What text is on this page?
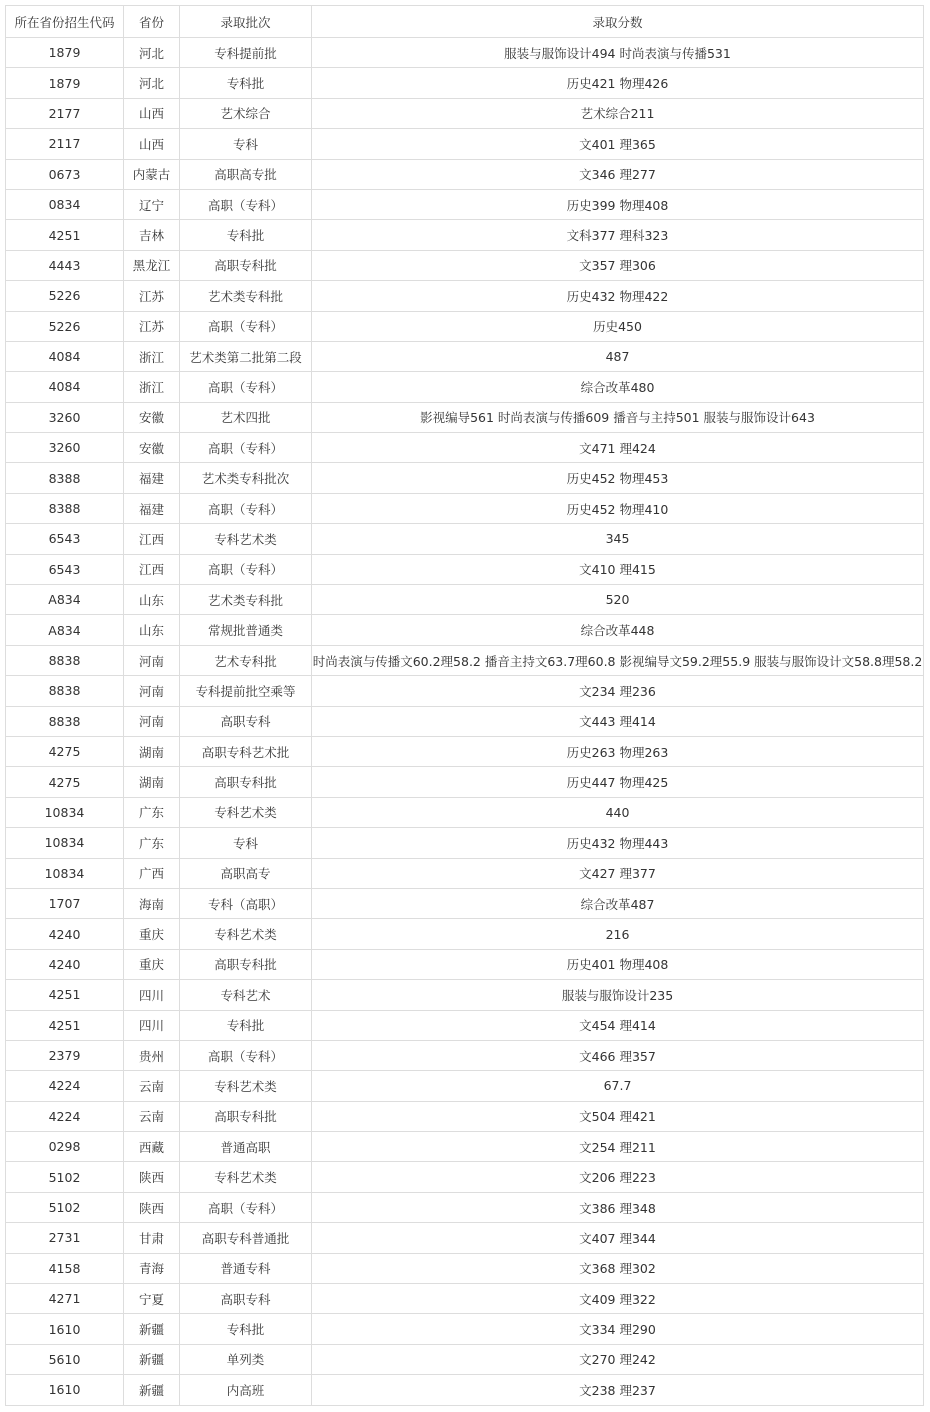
所在省份招生代码	省份	录取批次	录取分数
1879	河北	专科提前批	服装与服饰设计494 时尚表演与传播531
1879	河北	专科批	历史421 物理426
2177	山西	艺术综合	艺术综合211
2117	山西	专科	文401 理365
0673	内蒙古	高职高专批	文346 理277
0834	辽宁	高职（专科）	历史399 物理408
4251	吉林	专科批	文科377 理科323
4443	黑龙江	高职专科批	文357 理306
5226	江苏	艺术类专科批	历史432 物理422
5226	江苏	高职（专科）	历史450
4084	浙江	艺术类第二批第二段	487
4084	浙江	高职（专科）	综合改革480
3260	安徽	艺术四批	影视编导561 时尚表演与传播609 播音与主持501 服装与服饰设计643
3260	安徽	高职（专科）	文471 理424
8388	福建	艺术类专科批次	历史452 物理453
8388	福建	高职（专科）	历史452 物理410
6543	江西	专科艺术类	345
6543	江西	高职（专科）	文410 理415
A834	山东	艺术类专科批	520
A834	山东	常规批普通类	综合改革448
8838	河南	艺术专科批	时尚表演与传播文60.2理58.2 播音主持文63.7理60.8 影视编导文59.2理55.9 服装与服饰设计文58.8理58.2
8838	河南	专科提前批空乘等	文234 理236
8838	河南	高职专科	文443 理414
4275	湖南	高职专科艺术批	历史263 物理263
4275	湖南	高职专科批	历史447 物理425
10834	广东	专科艺术类	440
10834	广东	专科	历史432 物理443
10834	广西	高职高专	文427 理377
1707	海南	专科（高职）	综合改革487
4240	重庆	专科艺术类	216
4240	重庆	高职专科批	历史401 物理408
4251	四川	专科艺术	服装与服饰设计235
4251	四川	专科批	文454 理414
2379	贵州	高职（专科）	文466 理357
4224	云南	专科艺术类	67.7
4224	云南	高职专科批	文504 理421
0298	西藏	普通高职	文254 理211
5102	陕西	专科艺术类	文206 理223
5102	陕西	高职（专科）	文386 理348
2731	甘肃	高职专科普通批	文407 理344
4158	青海	普通专科	文368 理302
4271	宁夏	高职专科	文409 理322
1610	新疆	专科批	文334 理290
5610	新疆	单列类	文270 理242
1610	新疆	内高班	文238 理237
